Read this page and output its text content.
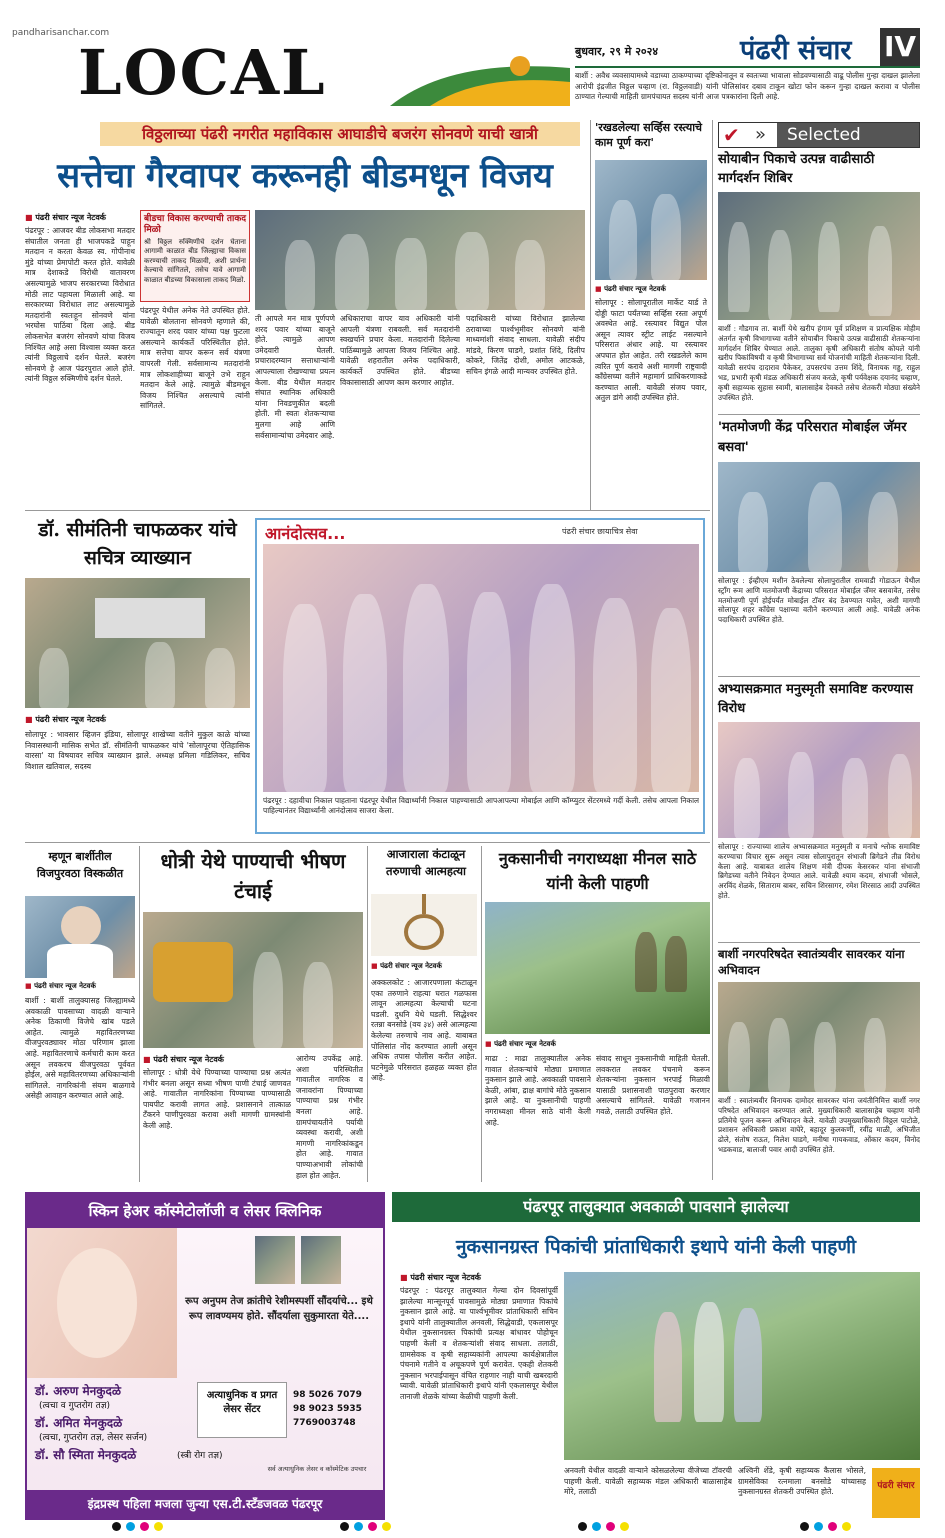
pandharisanchar.com
LOCAL	बुधवार, २९ मे २०२४	पंढरी संचार IV
बार्शी : अवैध व्यवसायामध्ये वडाच्या ठाकण्याच्या दृष्टिकोनातून व स्वतःच्या भावाला सोडवण्यासाठी वाढू पोलीस गुन्हा दाखल झालेला आरोपी इंद्रजीत विठ्ठल चव्हाण (रा. विठ्ठलवाडी) यांनी पोलिसांवर दबाव टाकून खोटा फोन करून गुन्हा दाखल करावा व पोलीस ठाण्यात गेल्याची माहिती ग्रामपंचायत सदस्य यांनी आज पत्रकारांना दिली आहे.
विठ्ठलाच्या पंढरी नगरीत महाविकास आघाडीचे बजरंग सोनवणे याची खात्री
सत्तेचा गैरवापर करूनही बीडमधून विजय
■ पंढरी संचार न्यूज नेटवर्क
पंढरपूर : आजवर बीड लोकसभा मतदार संघातील जनता ही भाजपकडे पाहून मतदान न करता केवळ स्व. गोपीनाथ मुंडे यांच्या प्रेमापोटी करत होते. यावेळी मात्र देशाकडे विरोधी वातावरण असल्यामुळे भाजप सरकारच्या विरोधात मोठी लाट पहायला मिळाली आहे. या सरकारच्या विरोधात लाट असल्यामुळे मतदारांनी स्वतःहून सोनवणे यांना भरघोस पाठिंबा दिला आहे. बीड लोकसभेत बजरंग सोनवणे यांचा विजय निश्चित आहे असा विश्वास व्यक्त करत त्यांनी विठ्ठलाचे दर्शन घेतले. बजरंग सोनवणे हे आज पंढरपुरात आले होते. त्यांनी विठ्ठल रुक्मिणीचे दर्शन घेतले.
बीडचा विकास करण्याची ताकद मिळो
श्री विठ्ठल रुक्मिणीचे दर्शन घेताना आगामी काळात बीड जिल्ह्याचा विकास करण्याची ताकद मिळावी, अशी प्रार्थना केल्याचे सांगितले, तसेच यावे आगामी काळात बीडच्या विकासाला ताकद मिळो.
पंढरपूर येथील अनेक नेते उपस्थित होते. यावेळी बोलताना सोनवणे म्हणाले की, राज्यातून शरद पवार यांच्या पक्ष फुटला असल्याने कार्यकर्ते परिस्थितीत होते. मात्र सत्तेचा वापर करून सर्व यंत्रणा वापरली गेली. सर्वसामान्य मतदारांनी मात्र लोकशाहीच्या बाजूने उभे राहून मतदान केले आहे. त्यामुळे बीडमधून विजय निश्चित असल्याचे त्यांनी सांगितले.
ती आपले मन मात्र पूर्णपणे शरद पवार यांच्या बाजूने होते. त्यामुळे आपण उमेदवारी घेतली. प्रचारादरम्यान सत्ताधाऱ्यांनी आपल्याला रोखण्याचा प्रयत्न केला. बीड येथील मतदार संघात स्थानिक अधिकारी यांना निवडणुकीत बदली होती. मी स्वतः शेतकऱ्याचा मुलगा आहे आणि सर्वसामान्यांचा उमेदवार आहे.
अधिकाराचा वापर याव अधिकारी यांनी आपली यंत्रणा राबवली. सर्व मतदारांनी स्वखर्चाने प्रचार केला. मतदारांनी दिलेल्या पाठिंब्यामुळे आपला विजय निश्चित आहे. यावेळी शहरातील अनेक पदाधिकारी, कार्यकर्ते उपस्थित होते. बीडच्या विकासासाठी आपण काम करणार आहोत.
पदाधिकारी यांच्या विरोधात झालेल्या ठरावाच्या पार्श्वभूमीवर सोनवणे यांनी माध्यमांशी संवाद साधला. यावेळी संदीप मांडवे, किरण घाडगे, प्रशांत शिंदे, दिलीप कोकरे, जितेंद्र दोशी, अमोल आटकळे, सचिन इंगळे आदी मान्यवर उपस्थित होते.
'रखडलेल्या सर्व्हिस रस्त्याचे काम पूर्ण करा'
■ पंढरी संचार न्यूज नेटवर्क
सोलापूर : सोलापूरातील मार्केट यार्ड ते दोड्डी फाटा पर्यंतच्या सर्व्हिस रस्ता अपूर्ण अवस्थेत आहे. रस्त्यावर विद्युत पोल असून त्यावर स्ट्रीट लाईट नसल्याने परिसरात अंधार आहे. या रस्त्यावर अपघात होत आहेत. तरी रखडलेले काम त्वरित पूर्ण करावे अशी मागणी राष्ट्रवादी काँग्रेसच्या वतीने महामार्ग प्राधिकरणाकडे करण्यात आली. यावेळी संजय पवार, अतुल डांगे आदी उपस्थित होते.
✔ »	Selected
सोयाबीन पिकाचे उत्पन्न वाढीसाठी मार्गदर्शन शिबिर
बार्शी : गौडगाव ता. बार्शी येथे खरीप हंगाम पूर्व प्रशिक्षण व प्रात्यक्षिक मोहीम अंतर्गत कृषी विभागाच्या वतीने सोयाबीन पिकाचे उत्पन्न वाढीसाठी शेतकऱ्यांना मार्गदर्शन शिबिर घेण्यात आले. तालुका कृषी अधिकारी संतोष कोयले यांनी खरीप पिकांविषयी व कृषी विभागाच्या सर्व योजनांची माहिती शेतकऱ्यांना दिली. यावेळी सरपंच दादाराव पैकेकर, उपसरपंच उत्तम शिंदे, विनायक गड्ड, राहुल भड, प्रभारी कृषी मंडळ अधिकारी संजय करळे, कृषी पर्यवेक्षक दयानंद चव्हाण, कृषी सहाय्यक सुहास स्वामी, बालासाहेब देवकते तसेच शेतकरी मोठ्या संख्येने उपस्थित होते.
'मतमोजणी केंद्र परिसरात मोबाईल जॅमर बसवा'
सोलापूर : ईव्हीएम मशीन ठेवलेल्या सोलापुरातील रामवाडी गोडाऊन येथील स्ट्रॉंग रूम आणि मतमोजणी केंद्राच्या परिसरात मोबाईल जॅमर बसवावेत, तसेच मतमोजणी पूर्ण होईपर्यंत मोबाईल टॉवर बंद ठेवण्यात यावेत, अशी मागणी सोलापूर शहर काँग्रेस पक्षाच्या वतीने करण्यात आली आहे. यावेळी अनेक पदाधिकारी उपस्थित होते.
अभ्यासक्रमात मनुस्मृती समाविष्ट करण्यास विरोध
सोलापूर : राज्याच्या शालेय अभ्यासक्रमात मनुस्मृती व मनाचे श्लोक समाविष्ट करण्याचा विचार सुरू असून त्यास सोलापुरातून संभाजी ब्रिगेडने तीव्र विरोध केला आहे. याबाबत शालेय शिक्षण मंत्री दीपक केसरकर यांना संभाजी ब्रिगेडच्या वतीने निवेदन देण्यात आले. यावेळी श्याम कदम, संभाजी भोसले, अरविंद शेळके, सिताराम बाबर, सचिन शिरसागर, रमेश शिरसाठ आदी उपस्थित होते.
बार्शी नगरपरिषदेत स्वातंत्र्यवीर सावरकर यांना अभिवादन
बार्शी : स्वातंत्र्यवीर विनायक दामोदर सावरकर यांना जयंतीनिमित्त बार्शी नगर परिषदेत अभिवादन करण्यात आले. मुख्याधिकारी बालासाहेब चव्हाण यांनी प्रतिमेचे पूजन करून अभिवादन केले. यावेळी उपमुख्याधिकारी विठ्ठल पाटोळे, प्रशासन अधिकारी प्रकाश वाघेरे, बहादूर कुलकर्णी, रवींद्र माळी, अभिजीत ढोले, संतोष राऊत, निलेश घाडगे, मनीषा गायकवाड, ओंकार कदम, विनोद भडकवाड, बालाजी पवार आदी उपस्थित होते.
डॉ. सीमंतिनी चाफळकर यांचे सचित्र व्याख्यान
■ पंढरी संचार न्यूज नेटवर्क
सोलापूर : भावसार व्हिजन इंडिया, सोलापूर शाखेच्या वतीने मुकुल काळे यांच्या निवासस्थानी मासिक सभेत डॉ. सीमंतिनी चाफळकर यांचे 'सोलापूरचा ऐतिहासिक वारसा' या विषयावर सचित्र व्याख्यान झाले. अध्यक्ष प्रमिला गडिलिकर, सचिव विशाल खतिवाल, सदस्य
आनंदोत्सव...	पंढरी संचार छायाचित्र सेवा
पंढरपूर : दहावीचा निकाल पाहताना पंढरपूर येथील विद्यार्थ्यांनी निकाल पाहण्यासाठी आपआपल्या मोबाईल आणि कॉम्प्युटर सेंटरमध्ये गर्दी केली. तसेच आपला निकाल पाहिल्यानंतर विद्यार्थ्यांनी आनंदोत्सव साजरा केला.
म्हणून बार्शीतील विजपुरवठा विस्कळीत
■ पंढरी संचार न्यूज नेटवर्क
बार्शी : बार्शी तालुक्यासह जिल्ह्यामध्ये अवकाळी पावसाच्या वादळी वाऱ्याने अनेक ठिकाणी विजेचे खांब पडले आहेत. त्यामुळे महावितरणच्या वीजपुरवठ्यावर मोठा परिणाम झाला आहे. महावितरणाचे कर्मचारी काम करत असून लवकरच वीजपुरवठा पूर्ववत होईल, असे महावितरणच्या अधिकाऱ्यांनी सांगितले. नागरिकांनी संयम बाळगावे असेही आवाहन करण्यात आले आहे.
धोत्री येथे पाण्याची भीषण टंचाई
■ पंढरी संचार न्यूज नेटवर्क
सोलापूर : धोत्री येथे पिण्याच्या पाण्याचा प्रश्न अत्यंत गंभीर बनला असून सध्या भीषण पाणी टंचाई जाणवत आहे. गावातील नागरिकांना पिण्याच्या पाण्यासाठी पायपीट करावी लागत आहे. प्रशासनाने तात्काळ टँकरने पाणीपुरवठा करावा अशी मागणी ग्रामस्थांनी केली आहे.
आरोग्य उपकेंद्र आहे. अशा परिस्थितीत गावातील नागरिक व जनावरांना पिण्याच्या पाण्याचा प्रश्न गंभीर बनला आहे. ग्रामपंचायतीने पर्यायी व्यवस्था करावी, अशी मागणी नागरिकांकडून होत आहे. गावात पाण्याअभावी लोकांची हाल होत आहेत.
आजाराला कंटाळून तरुणाची आत्महत्या
■ पंढरी संचार न्यूज नेटवर्क
अक्कलकोट : आजारपणाला कंटाळून एका तरुणाने राहत्या घरात गळफास लावून आत्महत्या केल्याची घटना घडली. दुधनि येथे घडली. सिद्धेश्वर रतन्ना बनसोडे (वय ३४) असे आत्महत्या केलेल्या तरुणाचे नाव आहे. याबाबत पोलिसांत नोंद करण्यात आली असून अधिक तपास पोलीस करीत आहेत. घटनेमुळे परिसरात हळहळ व्यक्त होत आहे.
नुकसानीची नगराध्यक्षा मीनल साठे यांनी केली पाहणी
■ पंढरी संचार न्यूज नेटवर्क
माढा : माढा तालुक्यातील अनेक गावात शेतकऱ्यांचे मोठ्या प्रमाणात नुकसान झाले आहे. अवकाळी पावसाने केळी, आंबा, द्राक्ष बागांचे मोठे नुकसान झाले आहे. या नुकसानीची पाहणी नगराध्यक्षा मीनल साठे यांनी केली आहे.
संवाद साधून नुकसानीची माहिती घेतली. लवकरात लवकर पंचनामे करून शेतकऱ्यांना नुकसान भरपाई मिळावी यासाठी प्रशासनाशी पाठपुरावा करणार असल्याचे सांगितले. यावेळी गजानन गवळे, तलाठी उपस्थित होते.
स्किन हेअर कॉस्मेटोलॉजी व लेसर क्लिनिक
रूप अनुपम तेज क्रांतीचे रेशीमस्पर्शी सौंदर्याचे... इथे रूप लावण्यमय होते. सौंदर्याला सुकुमारता येते....
डॉ. अरुण मेनकुदळे
(त्वचा व गुप्तरोग तज्ञ)
डॉ. अमित मेनकुदळे
(त्वचा, गुप्तरोग तज्ञ, लेसर सर्जन)
डॉ. सौ स्मिता मेनकुदळे	(स्त्री रोग तज्ञ)
अत्याधुनिक व प्रगत लेसर सेंटर
98 5026 7079
98 9023 5935
7769003748
सर्व अत्याधुनिक लेसर व कॉस्मेटिक उपचार
इंद्रप्रस्थ पहिला मजला जुन्या एस.टी.स्टँडजवळ पंढरपूर
पंढरपूर तालुक्यात अवकाळी पावसाने झालेल्या
नुकसानग्रस्त पिकांची प्रांताधिकारी इथापे यांनी केली पाहणी
■ पंढरी संचार न्यूज नेटवर्क
पंढरपूर : पंढरपूर तालुक्यात गेल्या दोन दिवसांपूर्वी झालेल्या मान्सूनपूर्व पावसामुळे मोठ्या प्रमाणात पिकांचे नुकसान झाले आहे. या पार्श्वभूमीवर प्रांताधिकारी सचिन इथापे यांनी तालुक्यातील अनवली, सिद्धेवाडी, एकलासपूर येथील नुकसानग्रस्त पिकांची प्रत्यक्ष बांधावर पोहोचून पाहणी केली व शेतकऱ्यांशी संवाद साधला. तलाठी, ग्रामसेवक व कृषी सहाय्यकांनी आपल्या कार्यक्षेत्रातील पंचनामे गतीने व अचूकपणे पूर्ण करावेत. एकही शेतकरी नुकसान भरपाईपासून वंचित राहणार नाही याची खबरदारी घ्यावी. यावेळी प्रांताधिकारी इथापे यांनी एकलासपूर येथील तानाजी शेळके यांच्या केळीची पाहणी केली.
अनवली येथील वादळी वाऱ्याने कोसळलेल्या वीजेच्या टॉवरची पाहणी केली. यावेळी सहाय्यक मंडल अधिकारी बाळासाहेब मोरे, तलाठी
अश्विनी शेंडे, कृषी सहाय्यक कैलास भोसले, ग्रामसेविका रत्नमाला बनसोडे यांच्यासह नुकसानग्रस्त शेतकरी उपस्थित होते.
पंढरी संचार
